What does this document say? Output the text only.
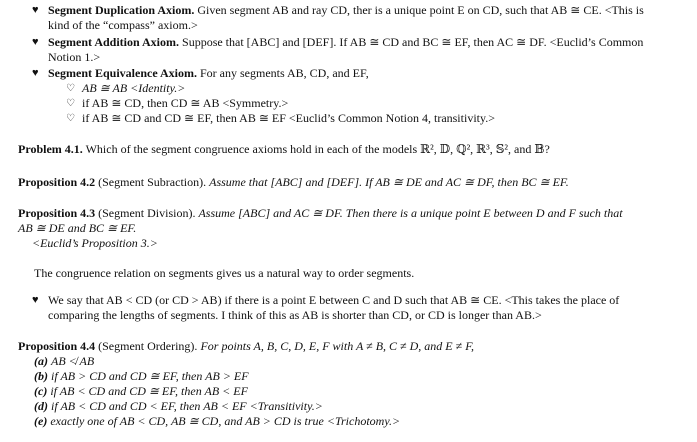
♥ Segment Duplication Axiom. Given segment AB and ray CD, ther is a unique point E on CD, such that AB ≅ CE. <This is
kind of the “compass” axiom.>
♥ Segment Addition Axiom. Suppose that [ABC] and [DEF]. If AB ≅ CD and BC ≅ EF, then AC ≅ DF. <Euclid’s Common
Notion 1.>
♥ Segment Equivalence Axiom. For any segments AB, CD, and EF,
♡ AB ≅ AB <Identity.>
♡ if AB ≅ CD, then CD ≅ AB <Symmetry.>
♡ if AB ≅ CD and CD ≅ EF, then AB ≅ EF <Euclid’s Common Notion 4, transitivity.>
Problem 4.1. Which of the segment congruence axioms hold in each of the models ℝ², 𝔻, ℚ², ℝ³, 𝕊², and 𝔹?
Proposition 4.2 (Segment Subraction). Assume that [ABC] and [DEF]. If AB ≅ DE and AC ≅ DF, then BC ≅ EF.
Proposition 4.3 (Segment Division). Assume [ABC] and AC ≅ DF. Then there is a unique point E between D and F such that
AB ≅ DE and BC ≅ EF.
<Euclid’s Proposition 3.>
The congruence relation on segments gives us a natural way to order segments.
♥ We say that AB < CD (or CD > AB) if there is a point E between C and D such that AB ≅ CE. <This takes the place of
comparing the lengths of segments. I think of this as AB is shorter than CD, or CD is longer than AB.>
Proposition 4.4 (Segment Ordering). For points A, B, C, D, E, F with A ≠ B, C ≠ D, and E ≠ F,
(a) AB ≮ AB
(b) if AB > CD and CD ≅ EF, then AB > EF
(c) if AB < CD and CD ≅ EF, then AB < EF
(d) if AB < CD and CD < EF, then AB < EF <Transitivity.>
(e) exactly one of AB < CD, AB ≅ CD, and AB > CD is true <Trichotomy.>
